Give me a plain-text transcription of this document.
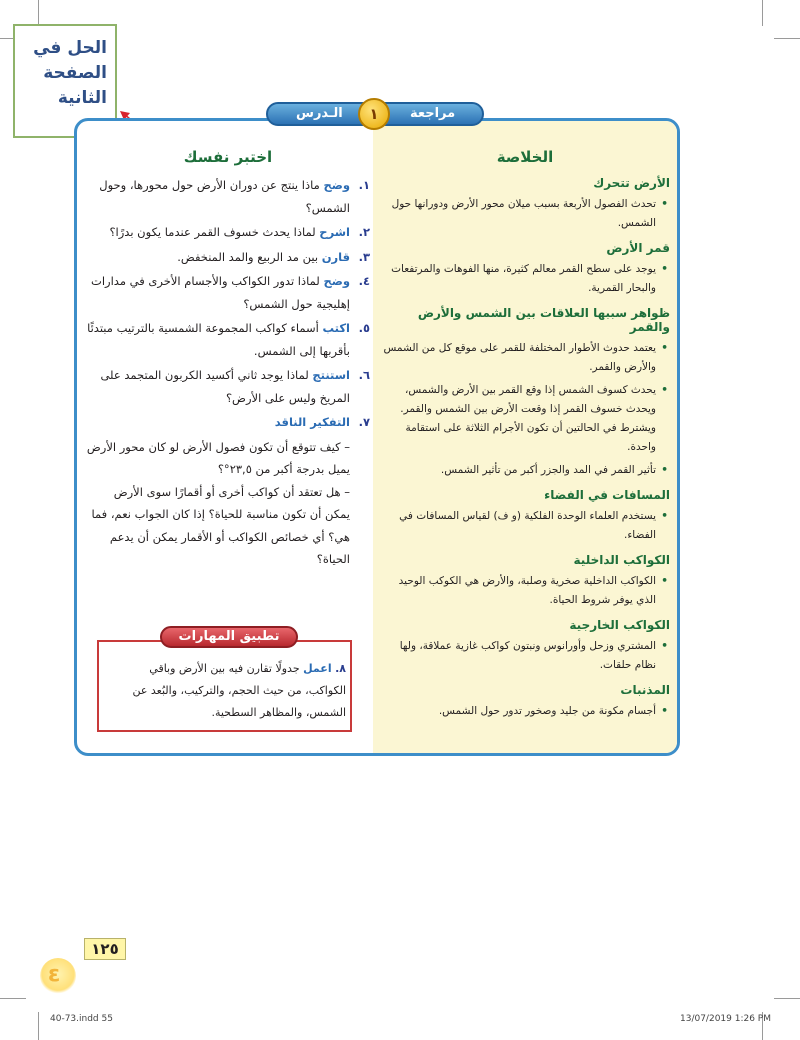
الحل في
الصفحة
الثانية
الـدرس	١	مراجعة
الخلاصة
الأرض تتحرك
• تحدث الفصول الأربعة بسبب ميلان محور الأرض ودورانها حول الشمس.
قمر الأرض
• يوجد على سطح القمر معالم كثيرة، منها الفوهات والمرتفعات والبحار القمرية.
ظواهر سببها العلاقات بين الشمس والأرض والقمر
• يعتمد حدوث الأطوار المختلفة للقمر على موقع كل من الشمس والأرض والقمر.
• يحدث كسوف الشمس إذا وقع القمر بين الأرض والشمس، ويحدث خسوف القمر إذا وقعت الأرض بين الشمس والقمر. ويشترط في الحالتين أن تكون الأجرام الثلاثة على استقامة واحدة.
• تأثير القمر في المد والجزر أكبر من تأثير الشمس.
المسافات في الفضاء
• يستخدم العلماء الوحدة الفلكية (و ف) لقياس المسافات في الفضاء.
الكواكب الداخلية
• الكواكب الداخلية صخرية وصلبة، والأرض هي الكوكب الوحيد الذي يوفر شروط الحياة.
الكواكب الخارجية
• المشتري وزحل وأورانوس ونبتون كواكب غازية عملاقة، ولها نظام حلقات.
المذنبات
• أجسام مكونة من جليد وصخور تدور حول الشمس.
اختبر نفسك
١.
وضح ماذا ينتج عن دوران الأرض حول محورها، وحول الشمس؟
٢.
اشرح لماذا يحدث خسوف القمر عندما يكون بدرًا؟
٣.
قارن بين مد الربيع والمد المنخفض.
٤.
وضح لماذا تدور الكواكب والأجسام الأخرى في مدارات إهليجية حول الشمس؟
٥.
اكتب أسماء كواكب المجموعة الشمسية بالترتيب مبتدئًا بأقربها إلى الشمس.
٦.
استنتج لماذا يوجد ثاني أكسيد الكربون المتجمد على المريخ وليس على الأرض؟
٧.
التفكير الناقد
– كيف تتوقع أن تكون فصول الأرض لو كان محور الأرض يميل بدرجة أكبر من ٢٣,٥°؟
– هل تعتقد أن كواكب أخرى أو أقمارًا سوى الأرض يمكن أن تكون مناسبة للحياة؟ إذا كان الجواب نعم، فما هي؟ أي خصائص الكواكب أو الأقمار يمكن أن يدعم الحياة؟
تطبيق المهارات
٨. اعمل جدولًا تقارن فيه بين الأرض وباقي الكواكب، من حيث الحجم، والتركيب، والبُعد عن الشمس، والمظاهر السطحية.
١٢٥
ε
40-73.indd 55	13/07/2019 1:26 PM
